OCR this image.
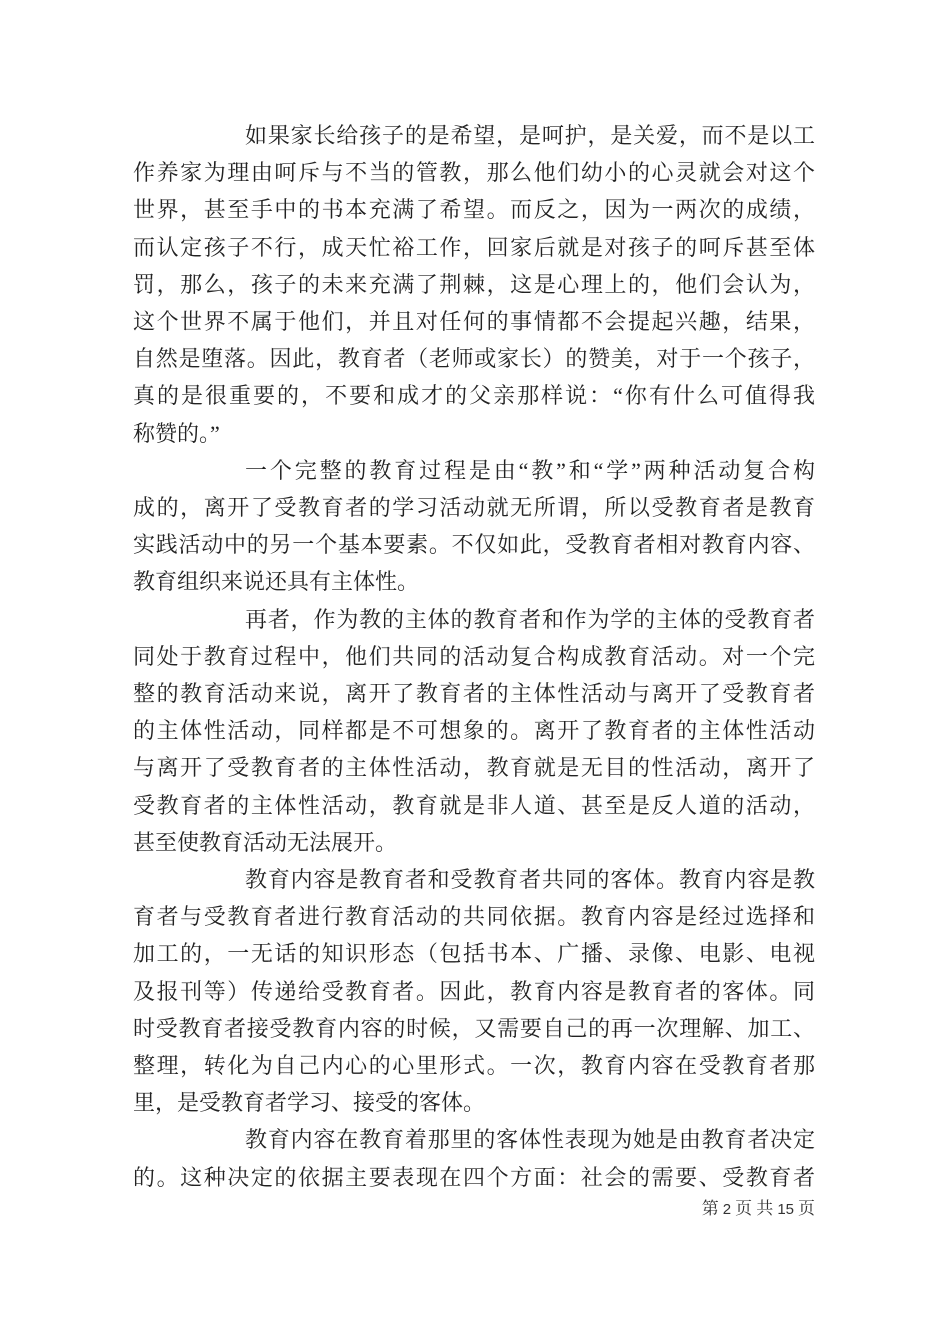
如果家长给孩子的是希望，是呵护，是关爱，而不是以工
作养家为理由呵斥与不当的管教，那么他们幼小的心灵就会对这个
世界，甚至手中的书本充满了希望。而反之，因为一两次的成绩，
而认定孩子不行，成天忙裕工作，回家后就是对孩子的呵斥甚至体
罚，那么，孩子的未来充满了荆棘，这是心理上的，他们会认为，
这个世界不属于他们，并且对任何的事情都不会提起兴趣，结果，
自然是堕落。因此，教育者（老师或家长）的赞美，对于一个孩子，
真的是很重要的，不要和成才的父亲那样说：“你有什么可值得我
称赞的。”
一个完整的教育过程是由“教”和“学”两种活动复合构
成的，离开了受教育者的学习活动就无所谓，所以受教育者是教育
实践活动中的另一个基本要素。不仅如此，受教育者相对教育内容、
教育组织来说还具有主体性。
再者，作为教的主体的教育者和作为学的主体的受教育者
同处于教育过程中，他们共同的活动复合构成教育活动。对一个完
整的教育活动来说，离开了教育者的主体性活动与离开了受教育者
的主体性活动，同样都是不可想象的。离开了教育者的主体性活动
与离开了受教育者的主体性活动，教育就是无目的性活动，离开了
受教育者的主体性活动，教育就是非人道、甚至是反人道的活动，
甚至使教育活动无法展开。
教育内容是教育者和受教育者共同的客体。教育内容是教
育者与受教育者进行教育活动的共同依据。教育内容是经过选择和
加工的，一无话的知识形态（包括书本、广播、录像、电影、电视
及报刊等）传递给受教育者。因此，教育内容是教育者的客体。同
时受教育者接受教育内容的时候，又需要自己的再一次理解、加工、
整理，转化为自己内心的心里形式。一次，教育内容在受教育者那
里，是受教育者学习、接受的客体。
教育内容在教育着那里的客体性表现为她是由教育者决定
的。这种决定的依据主要表现在四个方面：社会的需要、受教育者
第 2 页 共 15 页
